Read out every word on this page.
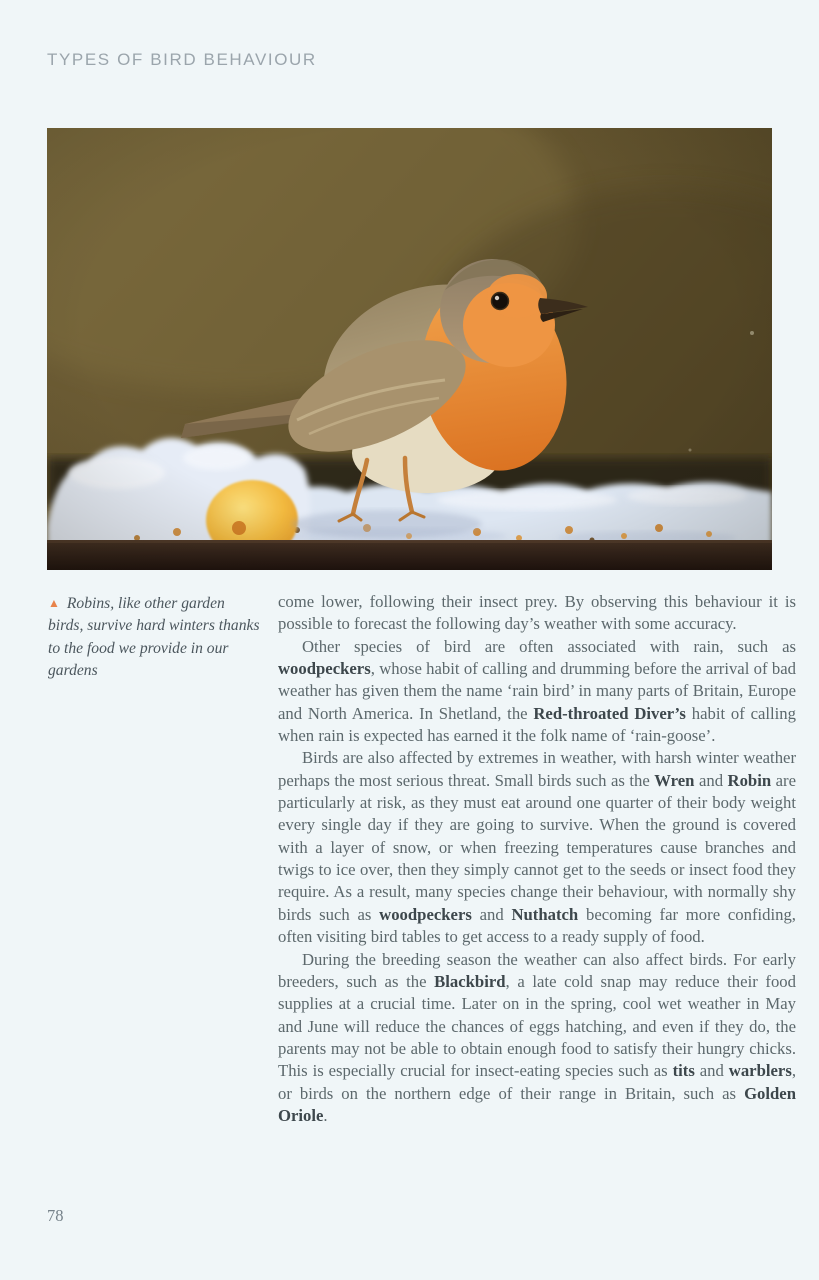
TYPES OF BIRD BEHAVIOUR
▲ Robins, like other garden birds, survive hard winters thanks to the food we provide in our gardens

come lower, following their insect prey. By observing this behaviour it is possible to forecast the following day’s weather with some accuracy.

Other species of bird are often associated with rain, such as woodpeckers, whose habit of calling and drumming before the arrival of bad weather has given them the name ‘rain bird’ in many parts of Britain, Europe and North America. In Shetland, the Red-throated Diver’s habit of calling when rain is expected has earned it the folk name of ‘rain-goose’.

Birds are also affected by extremes in weather, with harsh winter weather perhaps the most serious threat. Small birds such as the Wren and Robin are particularly at risk, as they must eat around one quarter of their body weight every single day if they are going to survive. When the ground is covered with a layer of snow, or when freezing temperatures cause branches and twigs to ice over, then they simply cannot get to the seeds or insect food they require. As a result, many species change their behaviour, with normally shy birds such as woodpeckers and Nuthatch becoming far more confiding, often visiting bird tables to get access to a ready supply of food.

During the breeding season the weather can also affect birds. For early breeders, such as the Blackbird, a late cold snap may reduce their food supplies at a crucial time. Later on in the spring, cool wet weather in May and June will reduce the chances of eggs hatching, and even if they do, the parents may not be able to obtain enough food to satisfy their hungry chicks. This is especially crucial for insect-eating species such as tits and warblers, or birds on the northern edge of their range in Britain, such as Golden Oriole.

78
